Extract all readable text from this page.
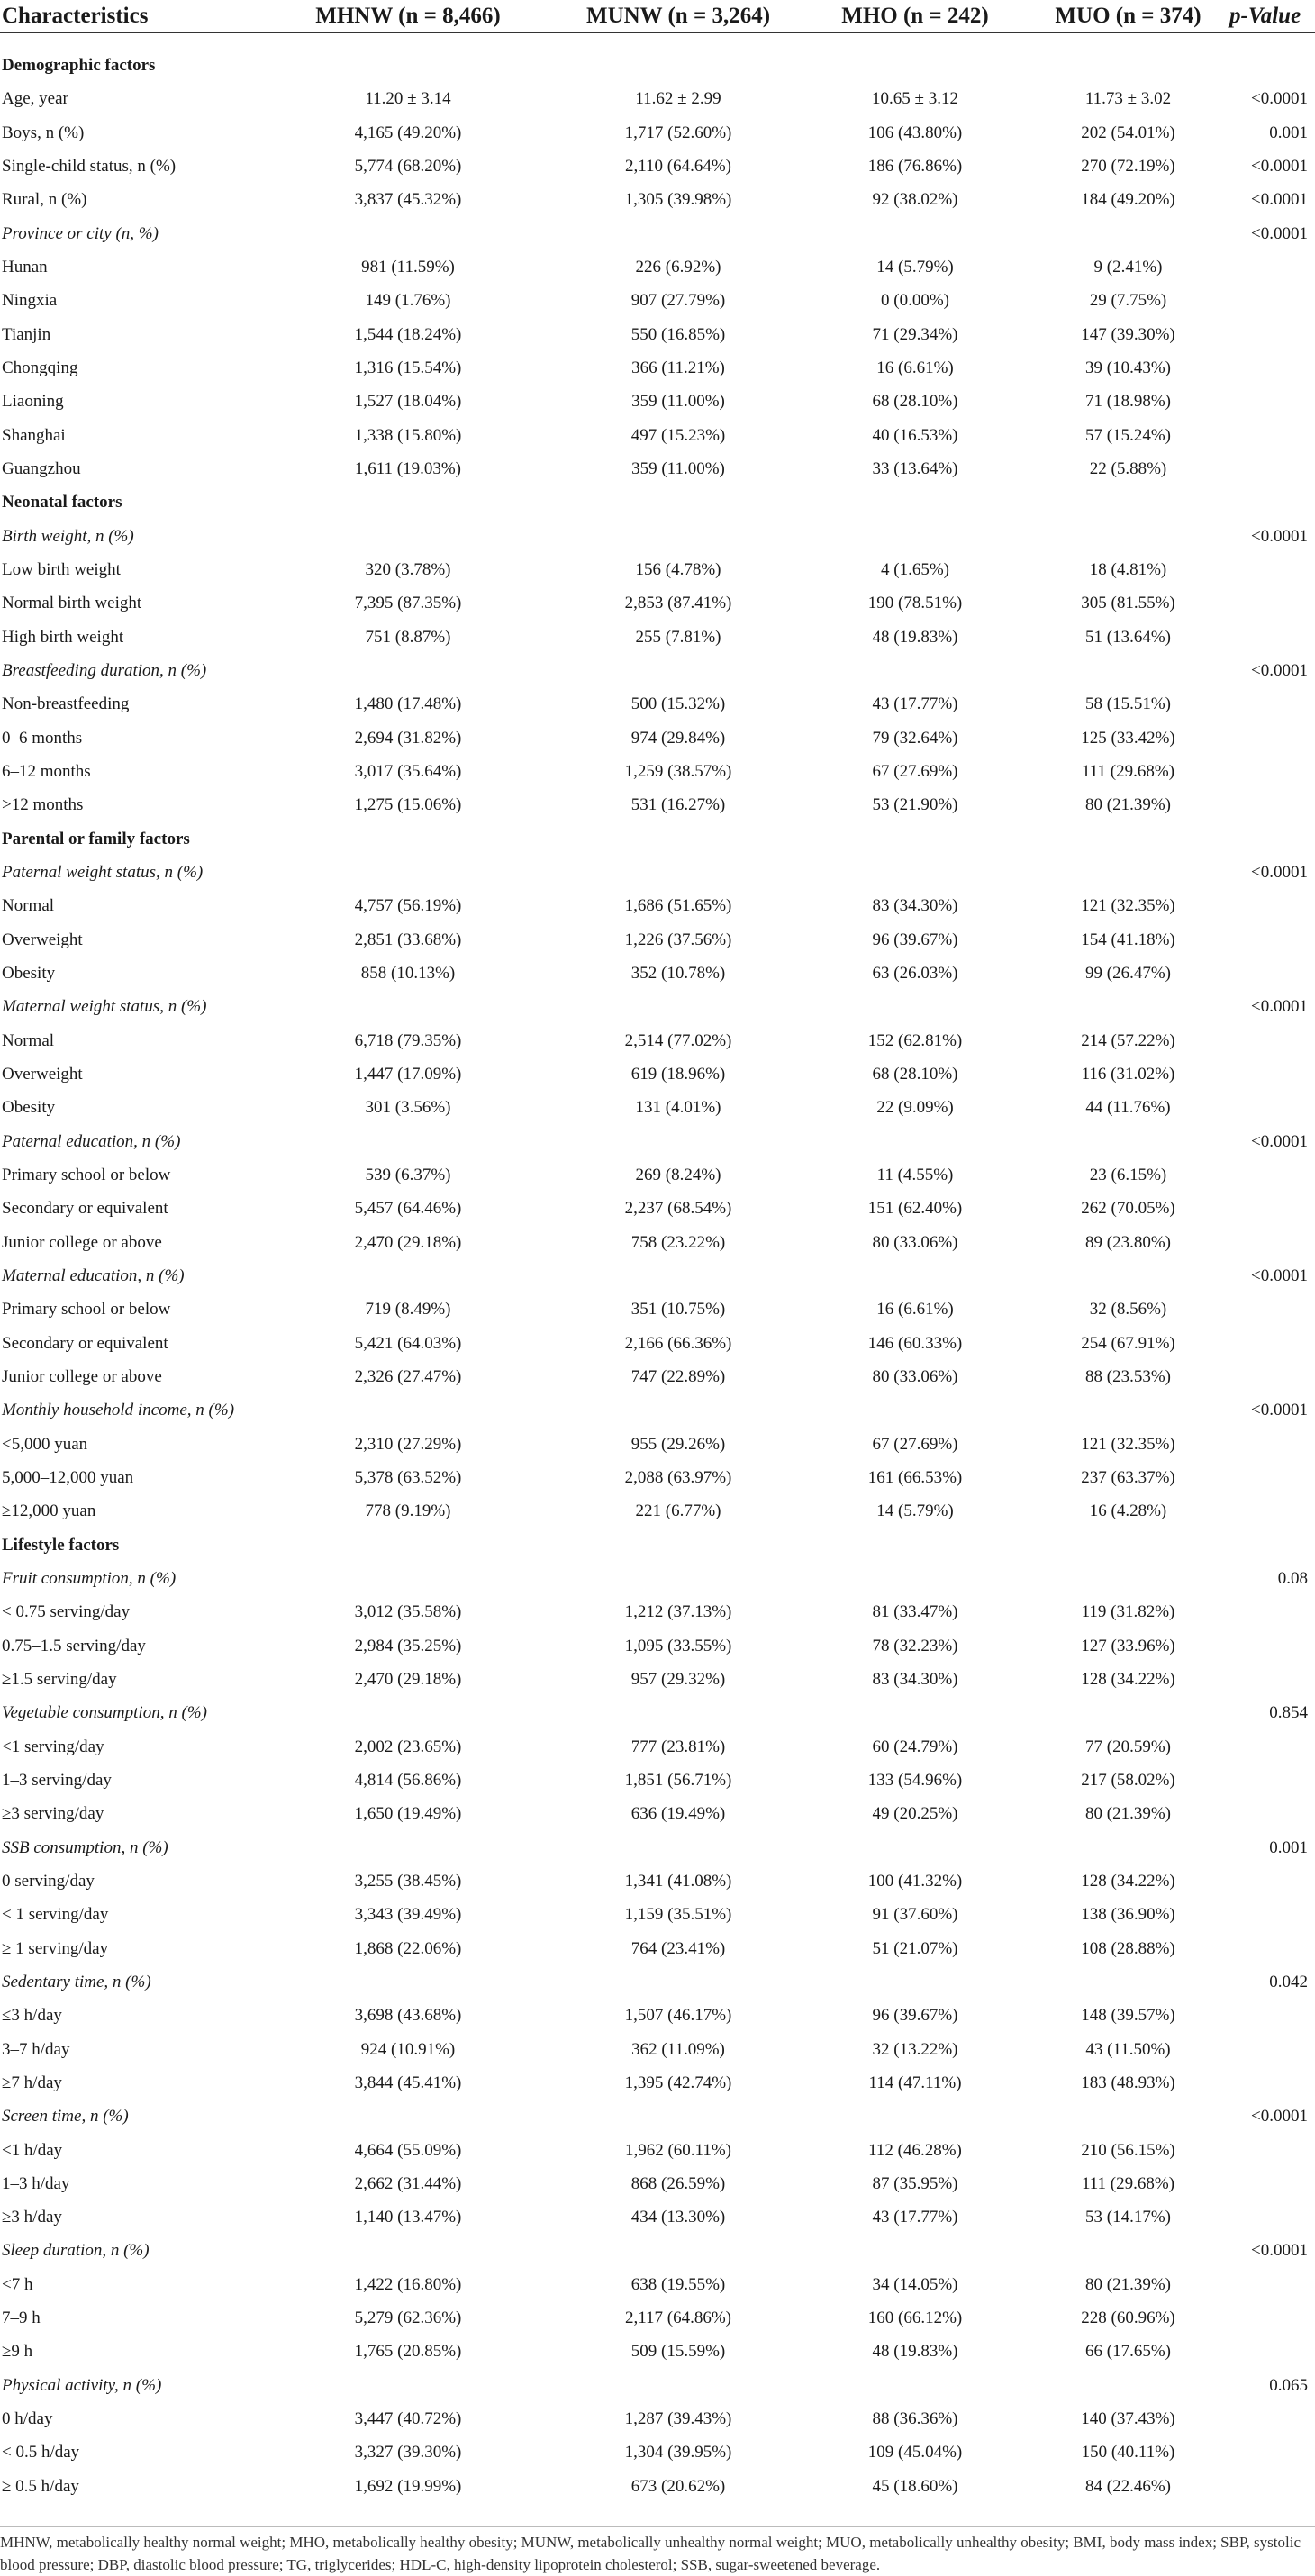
Characteristics	MHNW (n = 8,466)	MUNW (n = 3,264)	MHO (n = 242)	MUO (n = 374)	p-Value

Demographic factors					
Age, year	11.20 ± 3.14	11.62 ± 2.99	10.65 ± 3.12	11.73 ± 3.02	<0.0001
Boys, n (%)	4,165 (49.20%)	1,717 (52.60%)	106 (43.80%)	202 (54.01%)	0.001
Single-child status, n (%)	5,774 (68.20%)	2,110 (64.64%)	186 (76.86%)	270 (72.19%)	<0.0001
Rural, n (%)	3,837 (45.32%)	1,305 (39.98%)	92 (38.02%)	184 (49.20%)	<0.0001
Province or city (n, %)					<0.0001
Hunan	981 (11.59%)	226 (6.92%)	14 (5.79%)	9 (2.41%)	
Ningxia	149 (1.76%)	907 (27.79%)	0 (0.00%)	29 (7.75%)	
Tianjin	1,544 (18.24%)	550 (16.85%)	71 (29.34%)	147 (39.30%)	
Chongqing	1,316 (15.54%)	366 (11.21%)	16 (6.61%)	39 (10.43%)	
Liaoning	1,527 (18.04%)	359 (11.00%)	68 (28.10%)	71 (18.98%)	
Shanghai	1,338 (15.80%)	497 (15.23%)	40 (16.53%)	57 (15.24%)	
Guangzhou	1,611 (19.03%)	359 (11.00%)	33 (13.64%)	22 (5.88%)	
Neonatal factors					
Birth weight, n (%)					<0.0001
Low birth weight	320 (3.78%)	156 (4.78%)	4 (1.65%)	18 (4.81%)	
Normal birth weight	7,395 (87.35%)	2,853 (87.41%)	190 (78.51%)	305 (81.55%)	
High birth weight	751 (8.87%)	255 (7.81%)	48 (19.83%)	51 (13.64%)	
Breastfeeding duration, n (%)					<0.0001
Non-breastfeeding	1,480 (17.48%)	500 (15.32%)	43 (17.77%)	58 (15.51%)	
0–6 months	2,694 (31.82%)	974 (29.84%)	79 (32.64%)	125 (33.42%)	
6–12 months	3,017 (35.64%)	1,259 (38.57%)	67 (27.69%)	111 (29.68%)	
>12 months	1,275 (15.06%)	531 (16.27%)	53 (21.90%)	80 (21.39%)	
Parental or family factors					
Paternal weight status, n (%)					<0.0001
Normal	4,757 (56.19%)	1,686 (51.65%)	83 (34.30%)	121 (32.35%)	
Overweight	2,851 (33.68%)	1,226 (37.56%)	96 (39.67%)	154 (41.18%)	
Obesity	858 (10.13%)	352 (10.78%)	63 (26.03%)	99 (26.47%)	
Maternal weight status, n (%)					<0.0001
Normal	6,718 (79.35%)	2,514 (77.02%)	152 (62.81%)	214 (57.22%)	
Overweight	1,447 (17.09%)	619 (18.96%)	68 (28.10%)	116 (31.02%)	
Obesity	301 (3.56%)	131 (4.01%)	22 (9.09%)	44 (11.76%)	
Paternal education, n (%)					<0.0001
Primary school or below	539 (6.37%)	269 (8.24%)	11 (4.55%)	23 (6.15%)	
Secondary or equivalent	5,457 (64.46%)	2,237 (68.54%)	151 (62.40%)	262 (70.05%)	
Junior college or above	2,470 (29.18%)	758 (23.22%)	80 (33.06%)	89 (23.80%)	
Maternal education, n (%)					<0.0001
Primary school or below	719 (8.49%)	351 (10.75%)	16 (6.61%)	32 (8.56%)	
Secondary or equivalent	5,421 (64.03%)	2,166 (66.36%)	146 (60.33%)	254 (67.91%)	
Junior college or above	2,326 (27.47%)	747 (22.89%)	80 (33.06%)	88 (23.53%)	
Monthly household income, n (%)					<0.0001
<5,000 yuan	2,310 (27.29%)	955 (29.26%)	67 (27.69%)	121 (32.35%)	
5,000–12,000 yuan	5,378 (63.52%)	2,088 (63.97%)	161 (66.53%)	237 (63.37%)	
≥12,000 yuan	778 (9.19%)	221 (6.77%)	14 (5.79%)	16 (4.28%)	
Lifestyle factors					
Fruit consumption, n (%)					0.08
< 0.75 serving/day	3,012 (35.58%)	1,212 (37.13%)	81 (33.47%)	119 (31.82%)	
0.75–1.5 serving/day	2,984 (35.25%)	1,095 (33.55%)	78 (32.23%)	127 (33.96%)	
≥1.5 serving/day	2,470 (29.18%)	957 (29.32%)	83 (34.30%)	128 (34.22%)	
Vegetable consumption, n (%)					0.854
<1 serving/day	2,002 (23.65%)	777 (23.81%)	60 (24.79%)	77 (20.59%)	
1–3 serving/day	4,814 (56.86%)	1,851 (56.71%)	133 (54.96%)	217 (58.02%)	
≥3 serving/day	1,650 (19.49%)	636 (19.49%)	49 (20.25%)	80 (21.39%)	
SSB consumption, n (%)					0.001
0 serving/day	3,255 (38.45%)	1,341 (41.08%)	100 (41.32%)	128 (34.22%)	
< 1 serving/day	3,343 (39.49%)	1,159 (35.51%)	91 (37.60%)	138 (36.90%)	
≥ 1 serving/day	1,868 (22.06%)	764 (23.41%)	51 (21.07%)	108 (28.88%)	
Sedentary time, n (%)					0.042
≤3 h/day	3,698 (43.68%)	1,507 (46.17%)	96 (39.67%)	148 (39.57%)	
3–7 h/day	924 (10.91%)	362 (11.09%)	32 (13.22%)	43 (11.50%)	
≥7 h/day	3,844 (45.41%)	1,395 (42.74%)	114 (47.11%)	183 (48.93%)	
Screen time, n (%)					<0.0001
<1 h/day	4,664 (55.09%)	1,962 (60.11%)	112 (46.28%)	210 (56.15%)	
1–3 h/day	2,662 (31.44%)	868 (26.59%)	87 (35.95%)	111 (29.68%)	
≥3 h/day	1,140 (13.47%)	434 (13.30%)	43 (17.77%)	53 (14.17%)	
Sleep duration, n (%)					<0.0001
<7 h	1,422 (16.80%)	638 (19.55%)	34 (14.05%)	80 (21.39%)	
7–9 h	5,279 (62.36%)	2,117 (64.86%)	160 (66.12%)	228 (60.96%)	
≥9 h	1,765 (20.85%)	509 (15.59%)	48 (19.83%)	66 (17.65%)	
Physical activity, n (%)					0.065
0 h/day	3,447 (40.72%)	1,287 (39.43%)	88 (36.36%)	140 (37.43%)	
< 0.5 h/day	3,327 (39.30%)	1,304 (39.95%)	109 (45.04%)	150 (40.11%)	
≥ 0.5 h/day	1,692 (19.99%)	673 (20.62%)	45 (18.60%)	84 (22.46%)	
MHNW, metabolically healthy normal weight; MHO, metabolically healthy obesity; MUNW, metabolically unhealthy normal weight; MUO, metabolically unhealthy obesity; BMI, body mass index; SBP, systolic blood pressure; DBP, diastolic blood pressure; TG, triglycerides; HDL-C, high-density lipoprotein cholesterol; SSB, sugar-sweetened beverage.
